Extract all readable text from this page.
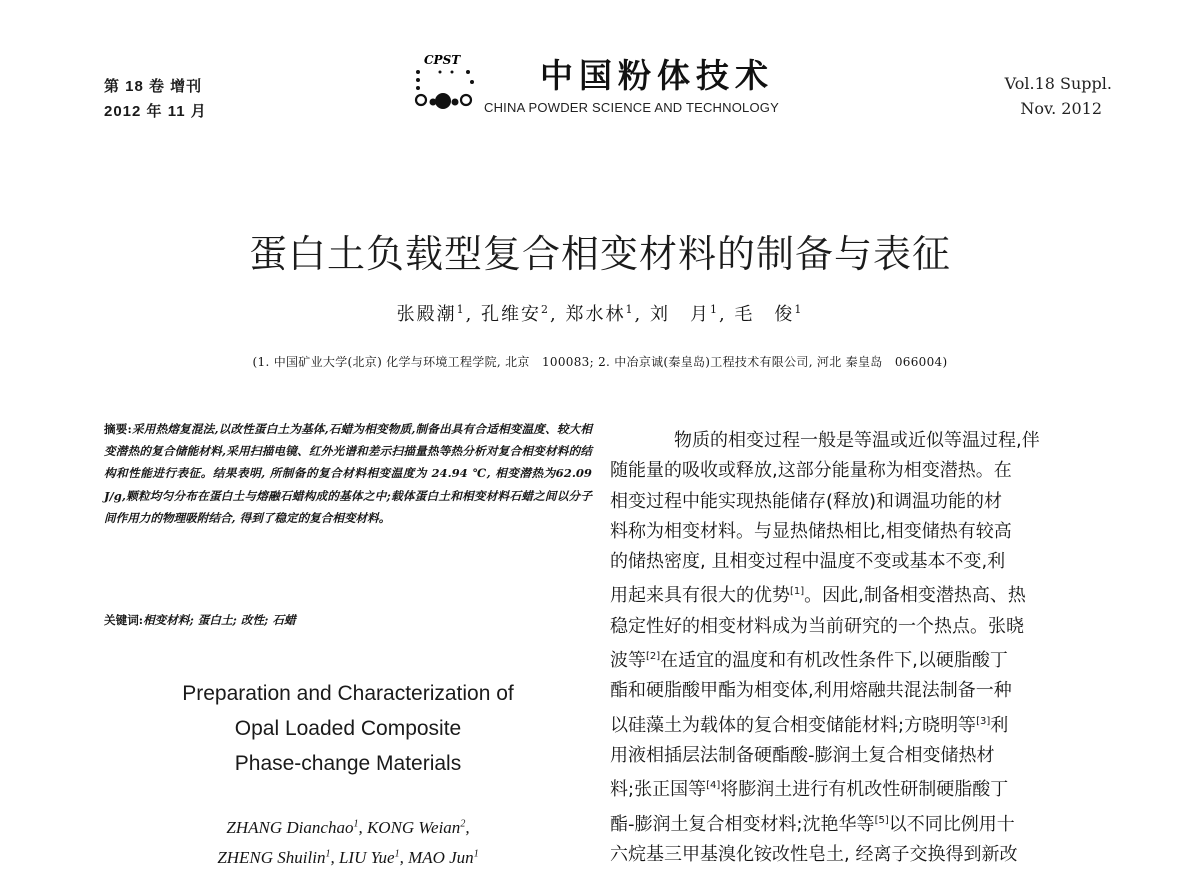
第 18 卷 增刊
2012 年 11 月
CPST 中国粉体技术
CHINA POWDER SCIENCE AND TECHNOLOGY
Vol.18 Suppl.
Nov. 2012
蛋白土负载型复合相变材料的制备与表征
张殿潮$^1$, 孔维安$^2$, 郑水林$^1$, 刘　月$^1$, 毛　俊$^1$
(1. 中国矿业大学(北京) 化学与环境工程学院, 北京　100083; 2. 中冶京诚(秦皇岛)工程技术有限公司, 河北 秦皇岛　066004)
摘要:采用热熔复混法,以改性蛋白土为基体,石蜡为相变物质,制备出具有合适相变温度、较大相变潜热的复合储能材料,采用扫描电镜、红外光谱和差示扫描量热等热分析对复合相变材料的结构和性能进行表征。结果表明, 所制备的复合材料相变温度为 24.94 ℃, 相变潜热为62.09 J/g,颗粒均匀分布在蛋白土与熔融石蜡构成的基体之中;载体蛋白土和相变材料石蜡之间以分子间作用力的物理吸附结合, 得到了稳定的复合相变材料。
关键词:相变材料; 蛋白土; 改性; 石蜡
Preparation and Characterization of
Opal Loaded Composite
Phase-change Materials
ZHANG Dianchao$^1$, KONG Weian$^2$,
ZHENG Shuilin$^1$, LIU Yue$^1$, MAO Jun$^1$
物质的相变过程一般是等温或近似等温过程,伴
随能量的吸收或释放,这部分能量称为相变潜热。在
相变过程中能实现热能储存(释放)和调温功能的材
料称为相变材料。与显热储热相比,相变储热有较高
的储热密度, 且相变过程中温度不变或基本不变,利
用起来具有很大的优势[1]。因此,制备相变潜热高、热
稳定性好的相变材料成为当前研究的一个热点。张晓
波等[2]在适宜的温度和有机改性条件下,以硬脂酸丁
酯和硬脂酸甲酯为相变体,利用熔融共混法制备一种
以硅藻土为载体的复合相变储能材料;方晓明等[3]利
用液相插层法制备硬酯酸-膨润土复合相变储热材
料;张正国等[4]将膨润土进行有机改性研制硬脂酸丁
酯-膨润土复合相变材料;沈艳华等[5]以不同比例用十
六烷基三甲基溴化铵改性皂土, 经离子交换得到新改
